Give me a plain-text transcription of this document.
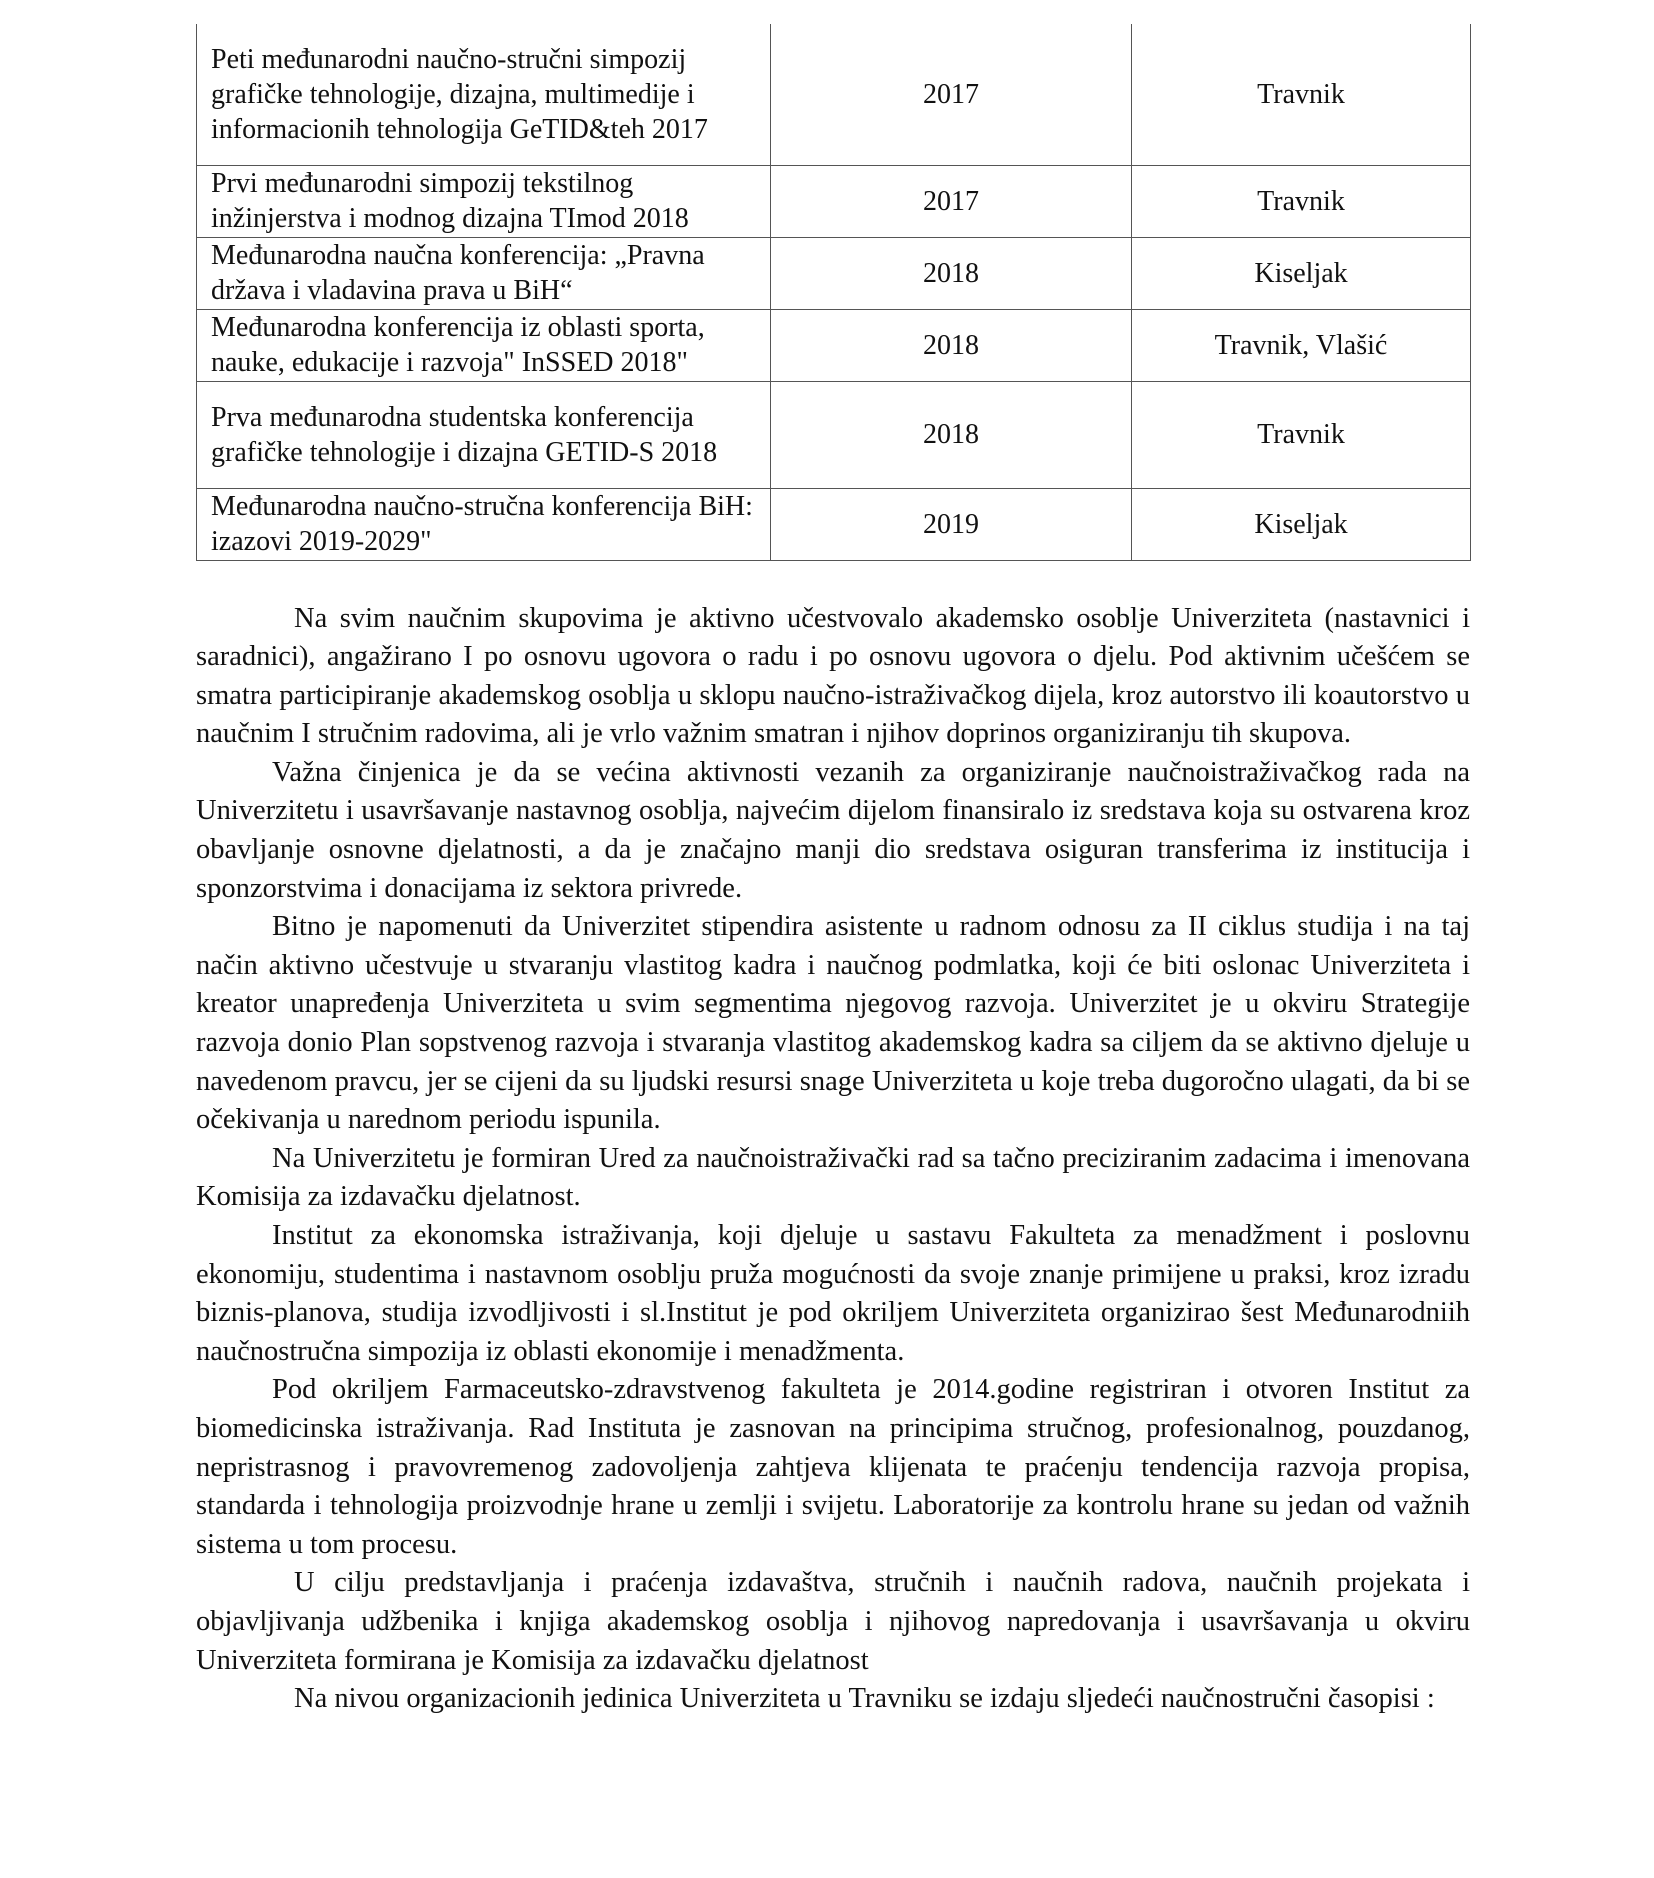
Peti međunarodni naučno-stručni simpozij grafičke tehnologije, dizajna, multimedije i informacionih tehnologija GeTID&teh 2017	2017	Travnik
Prvi međunarodni simpozij tekstilnog inžinjerstva i modnog dizajna TImod 2018	2017	Travnik
Međunarodna naučna konferencija: „Pravna država i vladavina prava u BiH“	2018	Kiseljak
Međunarodna konferencija iz oblasti sporta, nauke, edukacije i razvoja" InSSED 2018"	2018	Travnik, Vlašić
Prva međunarodna studentska konferencija grafičke tehnologije i dizajna GETID-S 2018	2018	Travnik
Međunarodna naučno-stručna konferencija BiH: izazovi 2019-2029"	2019	Kiseljak

Na svim naučnim skupovima je aktivno učestvovalo akademsko osoblje Univerziteta (nastavnici i saradnici), angažirano I po osnovu ugovora o radu i po osnovu ugovora o djelu. Pod aktivnim učešćem se smatra participiranje akademskog osoblja u sklopu naučno-istraživačkog dijela, kroz autorstvo ili koautorstvo u naučnim I stručnim radovima, ali je vrlo važnim smatran i njihov doprinos organiziranju tih skupova.

Važna činjenica je da se većina aktivnosti vezanih za organiziranje naučnoistraživačkog rada na Univerzitetu i usavršavanje nastavnog osoblja, najvećim dijelom finansiralo iz sredstava koja su ostvarena kroz obavljanje osnovne djelatnosti, a da je značajno manji dio sredstava osiguran transferima iz institucija i sponzorstvima i donacijama iz sektora privrede.

Bitno je napomenuti da Univerzitet stipendira asistente u radnom odnosu za II ciklus studija i na taj način aktivno učestvuje u stvaranju vlastitog kadra i naučnog podmlatka, koji će biti oslonac Univerziteta i kreator unapređenja Univerziteta u svim segmentima njegovog razvoja. Univerzitet je u okviru Strategije razvoja donio Plan sopstvenog razvoja i stvaranja vlastitog akademskog kadra sa ciljem da se aktivno djeluje u navedenom pravcu, jer se cijeni da su ljudski resursi snage Univerziteta u koje treba dugoročno ulagati, da bi se očekivanja u narednom periodu ispunila.

Na Univerzitetu je formiran Ured za naučnoistraživački rad sa tačno preciziranim zadacima i imenovana Komisija za izdavačku djelatnost.

Institut za ekonomska istraživanja, koji djeluje u sastavu Fakulteta za menadžment i poslovnu ekonomiju, studentima i nastavnom osoblju pruža mogućnosti da svoje znanje primijene u praksi, kroz izradu biznis-planova, studija izvodljivosti i sl.Institut je pod okriljem Univerziteta organizirao šest Međunarodniih naučnostručna simpozija iz oblasti ekonomije i menadžmenta.

Pod okriljem Farmaceutsko-zdravstvenog fakulteta je 2014.godine registriran i otvoren Institut za biomedicinska istraživanja. Rad Instituta je zasnovan na principima stručnog, profesionalnog, pouzdanog, nepristrasnog i pravovremenog zadovoljenja zahtjeva klijenata te praćenju tendencija razvoja propisa, standarda i tehnologija proizvodnje hrane u zemlji i svijetu. Laboratorije za kontrolu hrane su jedan od važnih sistema u tom procesu.

U cilju predstavljanja i praćenja izdavaštva, stručnih i naučnih radova, naučnih projekata i objavljivanja udžbenika i knjiga akademskog osoblja i njihovog napredovanja i usavršavanja u okviru Univerziteta formirana je Komisija za izdavačku djelatnost

Na nivou organizacionih jedinica Univerziteta u Travniku se izdaju sljedeći naučnostručni časopisi :
